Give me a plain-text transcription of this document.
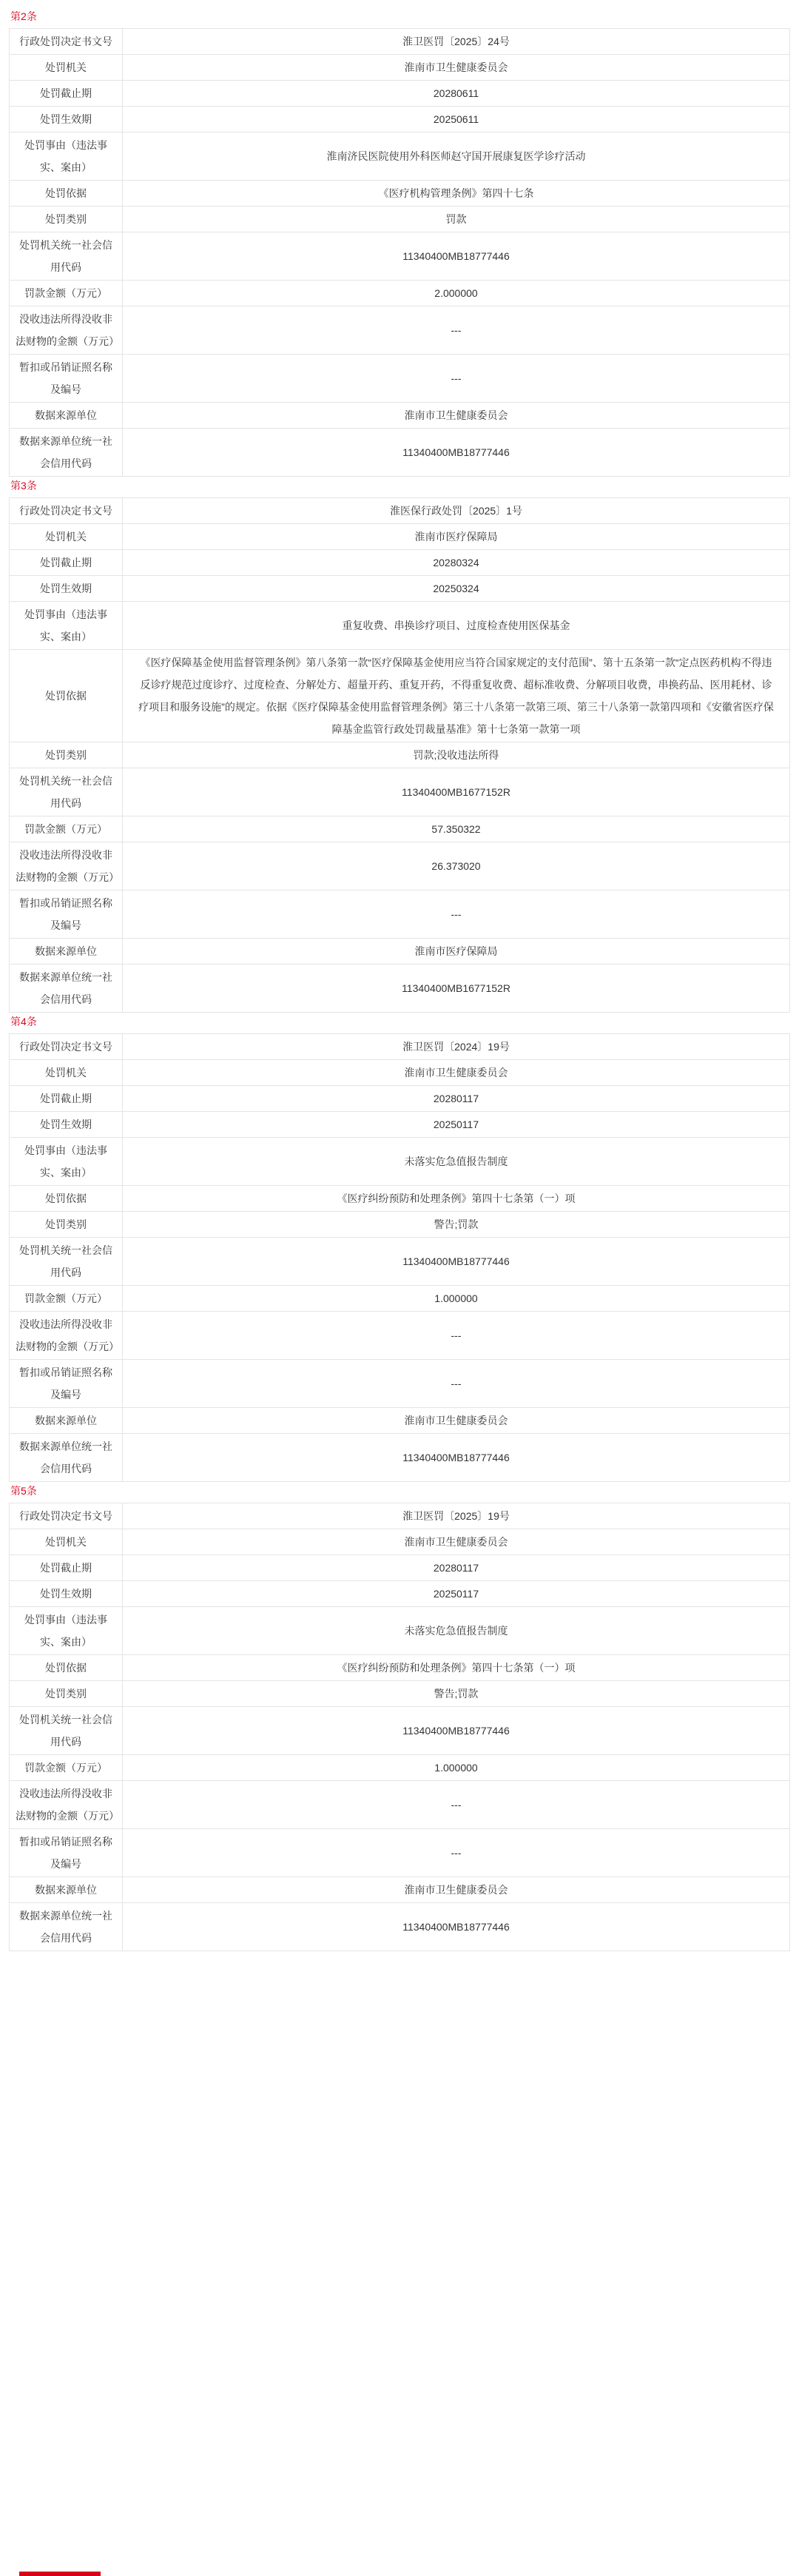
第2条
行政处罚决定书文号	淮卫医罚〔2025〕24号
处罚机关	淮南市卫生健康委员会
处罚截止期	20280611
处罚生效期	20250611
处罚事由（违法事实、案由）	淮南济民医院使用外科医师赵守国开展康复医学诊疗活动
处罚依据	《医疗机构管理条例》第四十七条
处罚类别	罚款
处罚机关统一社会信用代码	11340400MB18777446
罚款金额（万元）	2.000000
没收违法所得没收非法财物的金额（万元）	---
暂扣或吊销证照名称及编号	---
数据来源单位	淮南市卫生健康委员会
数据来源单位统一社会信用代码	11340400MB18777446
第3条
行政处罚决定书文号	淮医保行政处罚〔2025〕1号
处罚机关	淮南市医疗保障局
处罚截止期	20280324
处罚生效期	20250324
处罚事由（违法事实、案由）	重复收费、串换诊疗项目、过度检查使用医保基金
处罚依据	《医疗保障基金使用监督管理条例》第八条第一款“医疗保障基金使用应当符合国家规定的支付范围”、第十五条第一款“定点医药机构不得违反诊疗规范过度诊疗、过度检查、分解处方、超量开药、重复开药，不得重复收费、超标准收费、分解项目收费，串换药品、医用耗材、诊疗项目和服务设施”的规定。依据《医疗保障基金使用监督管理条例》第三十八条第一款第三项、第三十八条第一款第四项和《安徽省医疗保障基金监管行政处罚裁量基准》第十七条第一款第一项
处罚类别	罚款;没收违法所得
处罚机关统一社会信用代码	11340400MB1677152R
罚款金额（万元）	57.350322
没收违法所得没收非法财物的金额（万元）	26.373020
暂扣或吊销证照名称及编号	---
数据来源单位	淮南市医疗保障局
数据来源单位统一社会信用代码	11340400MB1677152R
第4条
行政处罚决定书文号	淮卫医罚〔2024〕19号
处罚机关	淮南市卫生健康委员会
处罚截止期	20280117
处罚生效期	20250117
处罚事由（违法事实、案由）	未落实危急值报告制度
处罚依据	《医疗纠纷预防和处理条例》第四十七条第（一）项
处罚类别	警告;罚款
处罚机关统一社会信用代码	11340400MB18777446
罚款金额（万元）	1.000000
没收违法所得没收非法财物的金额（万元）	---
暂扣或吊销证照名称及编号	---
数据来源单位	淮南市卫生健康委员会
数据来源单位统一社会信用代码	11340400MB18777446
第5条
行政处罚决定书文号	淮卫医罚〔2025〕19号
处罚机关	淮南市卫生健康委员会
处罚截止期	20280117
处罚生效期	20250117
处罚事由（违法事实、案由）	未落实危急值报告制度
处罚依据	《医疗纠纷预防和处理条例》第四十七条第（一）项
处罚类别	警告;罚款
处罚机关统一社会信用代码	11340400MB18777446
罚款金额（万元）	1.000000
没收违法所得没收非法财物的金额（万元）	---
暂扣或吊销证照名称及编号	---
数据来源单位	淮南市卫生健康委员会
数据来源单位统一社会信用代码	11340400MB18777446
